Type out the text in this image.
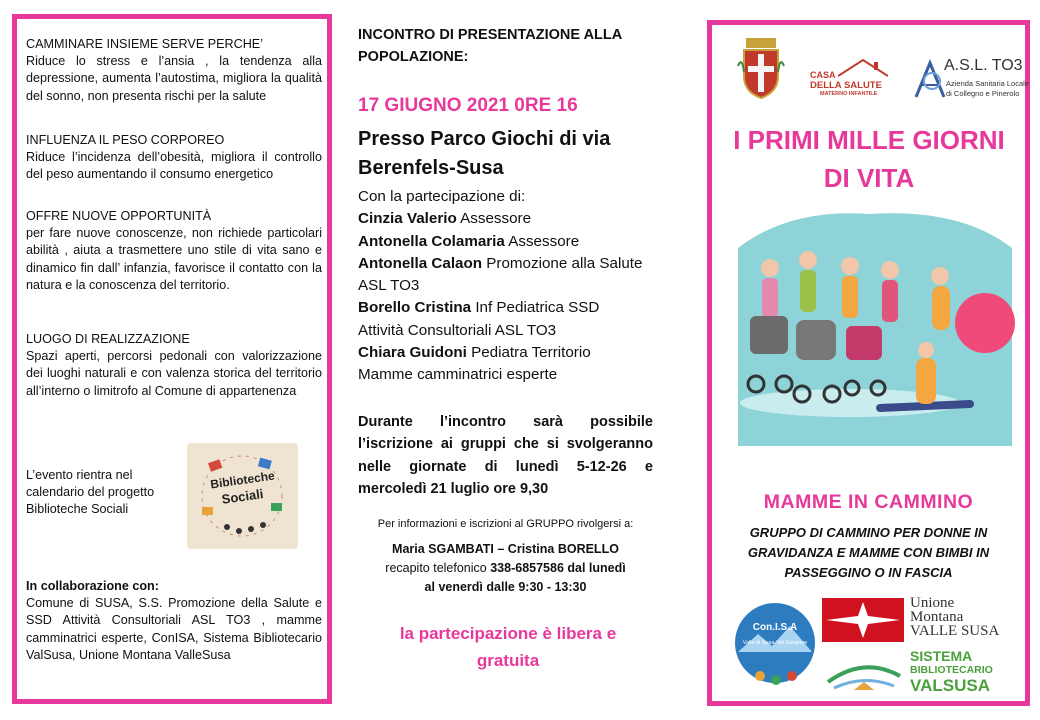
CAMMINARE INSIEME SERVE PERCHE’
Riduce lo stress e l’ansia , la tendenza alla depressione, aumenta l’autostima, migliora la qualità del sonno, non presenta rischi per la salute
INFLUENZA IL PESO CORPOREO
Riduce l’incidenza dell’obesità, migliora il controllo del peso aumentando il consumo energetico
OFFRE NUOVE OPPORTUNITÀ
per fare nuove conoscenze, non richiede particolari abilità , aiuta a trasmettere uno stile di vita sano e dinamico fin dall’ infanzia, favorisce il contatto con la natura e la conoscenza del territorio.
LUOGO DI REALIZZAZIONE
Spazi aperti, percorsi pedonali con valorizzazione dei luoghi naturali e con valenza storica del territorio all’interno o limitrofo al Comune di appartenenza
L’evento rientra nel calendario del progetto Biblioteche Sociali
Biblioteche
Sociali
In collaborazione con:
Comune di SUSA, S.S. Promozione della Salute e SSD Attività Consultoriali ASL TO3 , mamme camminatrici esperte, ConISA, Sistema Bibliotecario ValSusa, Unione Montana ValleSusa
INCONTRO DI PRESENTAZIONE ALLA POPOLAZIONE:
17 GIUGNO 2021 0RE 16
Presso Parco Giochi di via Berenfels-Susa
Con la partecipazione di:
Cinzia Valerio Assessore
Antonella Colamaria Assessore
Antonella Calaon Promozione alla Salute ASL TO3
Borello Cristina Inf Pediatrica SSD Attività Consultoriali ASL TO3
Chiara Guidoni Pediatra Territorio
Mamme camminatrici esperte
Durante l’incontro sarà possibile l’iscrizione ai gruppi che si svolgeranno nelle giornate di lunedì 5-12-26 e mercoledì 21 luglio ore 9,30
Per informazioni e iscrizioni al GRUPPO rivolgersi a:
Maria SGAMBATI – Cristina BORELLO
recapito telefonico 338-6857586 dal lunedì
al venerdì dalle 9:30 - 13:30
la partecipazione è libera e gratuita
CASA
DELLA SALUTE
MATERNO INFANTILE
A.S.L. TO3
Azienda Sanitaria Locale
di Collegno e Pinerolo
I PRIMI MILLE GIORNI DI VITA
MAMME IN CAMMINO
GRUPPO DI CAMMINO PER DONNE IN GRAVIDANZA E MAMME CON BIMBI IN PASSEGGINO O IN FASCIA
Con.I.S.A
Valle di Susa-Val Sangone
Unione
Montana
VALLE SUSA
SISTEMA
BIBLIOTECARIO
VALSUSA
